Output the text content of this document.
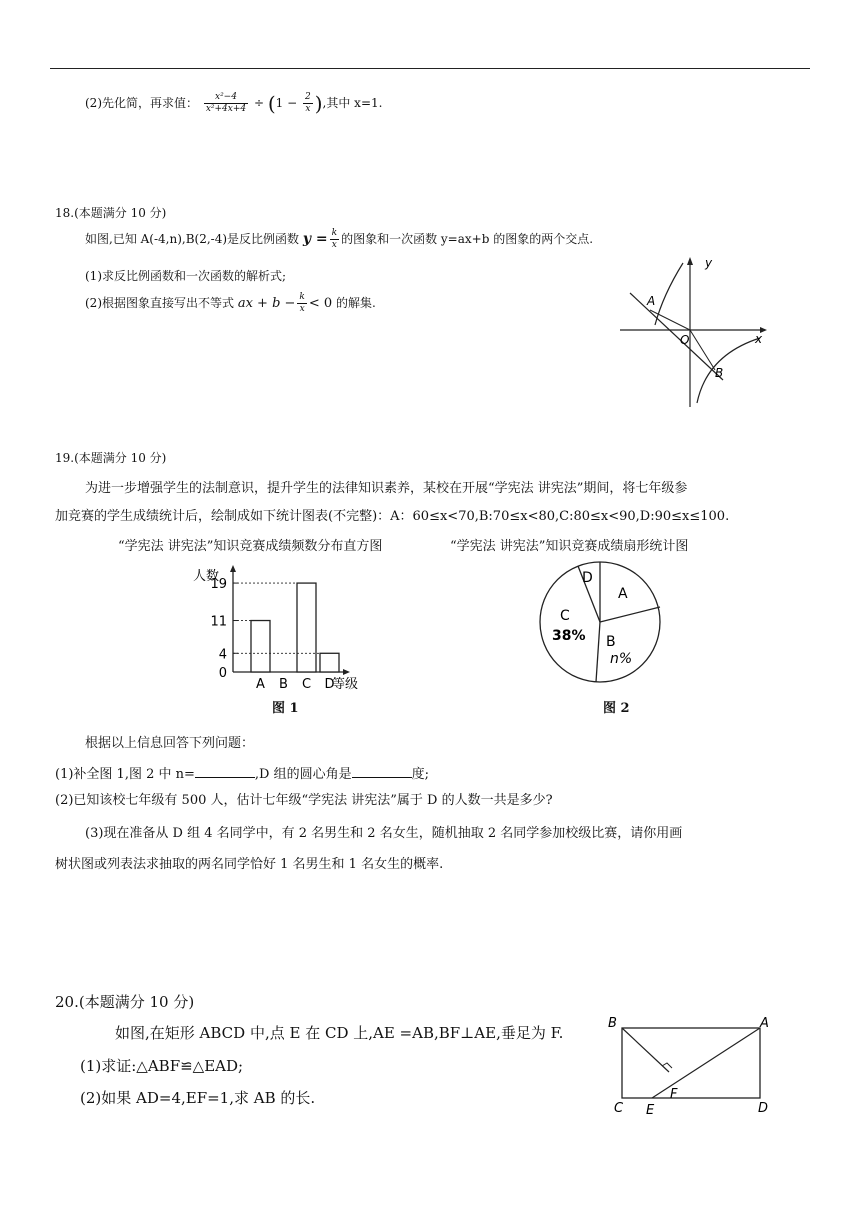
(2)先化简，再求值： $\frac{\text{x²−4}}{\text{x²+4x+4}} \div (1 - \frac{2}{x}$ ),其中 x=1.
18.(本题满分 10 分)
如图,已知 A(-4,n),B(2,-4)是反比例函数 $y = \frac{k}{x}$ 的图象和一次函数 y=ax+b 的图象的两个交点.
(1)求反比例函数和一次函数的解析式;
(2)根据图象直接写出不等式 ax + $b - \frac{k}{x} < 0$ 的解集.
y
x
O
A
B
19.(本题满分 10 分)
为进一步增强学生的法制意识，提升学生的法律知识素养，某校在开展“学宪法 讲宪法”期间，将七年级参
加竞赛的学生成绩统计后，绘制成如下统计图表(不完整)：A：60≤x<70,B:70≤x<80,C:80≤x<90,D:90≤x≤100.
“学宪法 讲宪法”知识竞赛成绩频数分布直方图	“学宪法 讲宪法”知识竞赛成绩扇形统计图
0
4
11
19
A B C D
人数
等级
D
A
C
38% B
n%
图 1	图 2
根据以上信息回答下列问题：
(1)补全图 1,图 2 中 n=	,D 组的圆心角是	度;
(2)已知该校七年级有 500 人，估计七年级“学宪法 讲宪法”属于 D 的人数一共是多少?
(3)现在准备从 D 组 4 名同学中，有 2 名男生和 2 名女生，随机抽取 2 名同学参加校级比赛，请你用画
树状图或列表法求抽取的两名同学恰好 1 名男生和 1 名女生的概率.
20.(本题满分 10 分)
如图,在矩形 ABCD 中,点 E 在 CD 上,AE =AB,BF⊥AE,垂足为 F.
(1)求证:△ABF≌△EAD;
(2)如果 AD=4,EF=1,求 AB 的长.
B	A
C E
F
D
